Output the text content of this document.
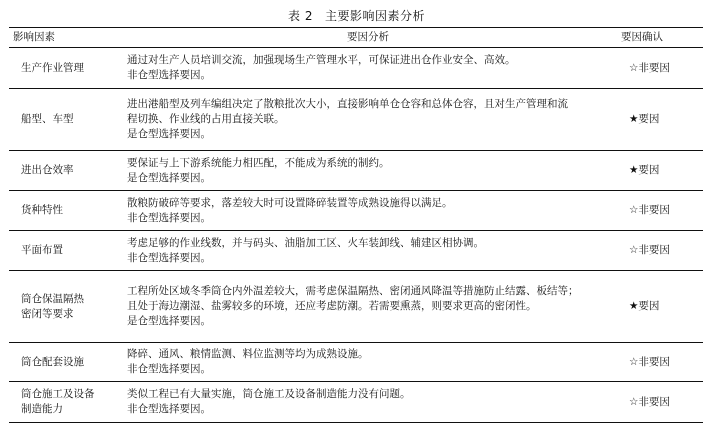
表 2 主要影响因素分析
影响因素	要因分析	要因确认

生产作业管理	通过对生产人员培训交流，加强现场生产管理水平，可保证进出仓作业安全、高效。
非仓型选择要因。	☆非要因

船型、车型	进出港船型及列车编组决定了散粮批次大小，直接影响单仓仓容和总体仓容，且对生产管理和流
程切换、作业线的占用直接关联。
是仓型选择要因。	★要因

进出仓效率	要保证与上下游系统能力相匹配，不能成为系统的制约。
是仓型选择要因。	★要因

货种特性	散粮防破碎等要求，落差较大时可设置降碎装置等成熟设施得以满足。
非仓型选择要因。	☆非要因

平面布置	考虑足够的作业线数，并与码头、油脂加工区、火车装卸线、辅建区相协调。
非仓型选择要因。	☆非要因

筒仓保温隔热
密闭等要求	工程所处区域冬季筒仓内外温差较大，需考虑保温隔热、密闭通风降温等措施防止结露、板结等；
且处于海边潮湿、盐雾较多的环境，还应考虑防潮。若需要熏蒸，则要求更高的密闭性。
是仓型选择要因。	★要因

筒仓配套设施	降碎、通风、粮情监测、料位监测等均为成熟设施。
非仓型选择要因。	☆非要因

筒仓施工及设备
制造能力	类似工程已有大量实施，筒仓施工及设备制造能力没有问题。
非仓型选择要因。	☆非要因
